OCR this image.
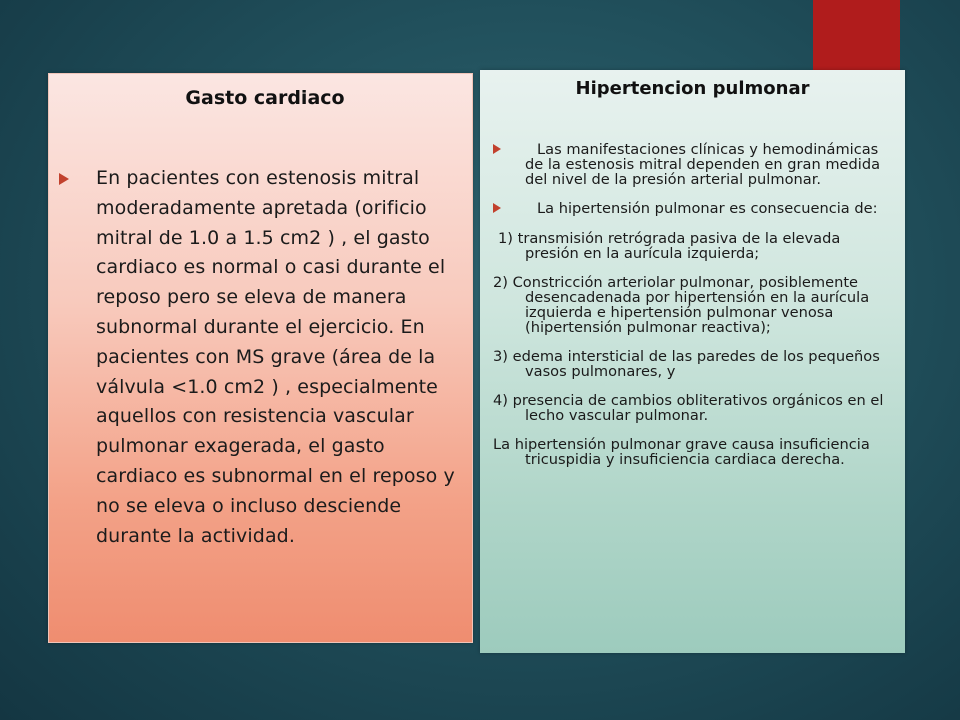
Gasto cardiaco

En pacientes con estenosis mitral moderadamente apretada (orificio mitral de 1.0 a 1.5 cm2 ) , el gasto cardiaco es normal o casi durante el reposo pero se eleva de manera subnormal durante el ejercicio. En pacientes con MS grave (área de la válvula <1.0 cm2 ) , especialmente aquellos con resistencia vascular pulmonar exagerada, el gasto cardiaco es subnormal en el reposo y no se eleva o incluso desciende durante la actividad.

Hipertencion pulmonar
Las manifestaciones clínicas y hemodinámicas de la estenosis mitral dependen en gran medida del nivel de la presión arterial pulmonar.
La hipertensión pulmonar es consecuencia de:

1) transmisión retrógrada pasiva de la elevada presión en la aurícula izquierda;

2) Constricción arteriolar pulmonar, posiblemente desencadenada por hipertensión en la aurícula izquierda e hipertensión pulmonar venosa (hipertensión pulmonar reactiva);

3) edema intersticial de las paredes de los pequeños vasos pulmonares, y

4) presencia de cambios obliterativos orgánicos en el lecho vascular pulmonar.

La hipertensión pulmonar grave causa insuficiencia tricuspidia y insuficiencia cardiaca derecha.
